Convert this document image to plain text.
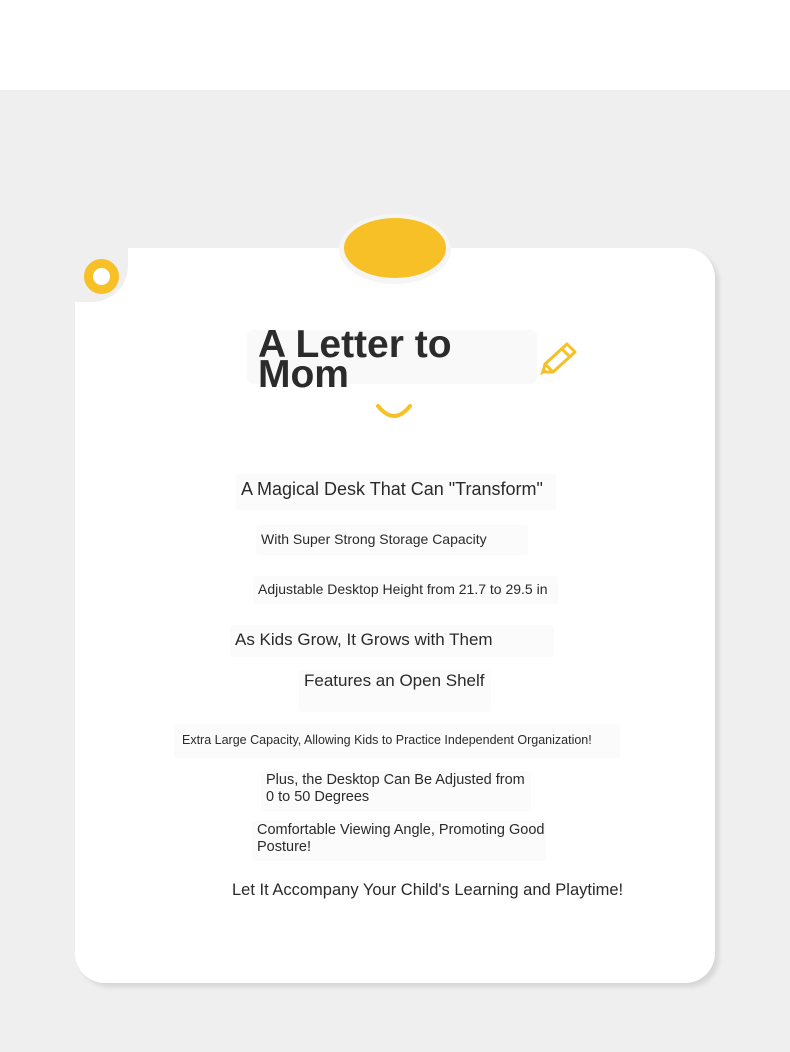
A Letter to Mom

A Magical Desk That Can "Transform"

With Super Strong Storage Capacity

Adjustable Desktop Height from 21.7 to 29.5 in

As Kids Grow, It Grows with Them

Features an Open Shelf

Extra Large Capacity, Allowing Kids to Practice Independent Organization!

Plus, the Desktop Can Be Adjusted from 0 to 50 Degrees

Comfortable Viewing Angle, Promoting Good Posture!

Let It Accompany Your Child's Learning and Playtime!
